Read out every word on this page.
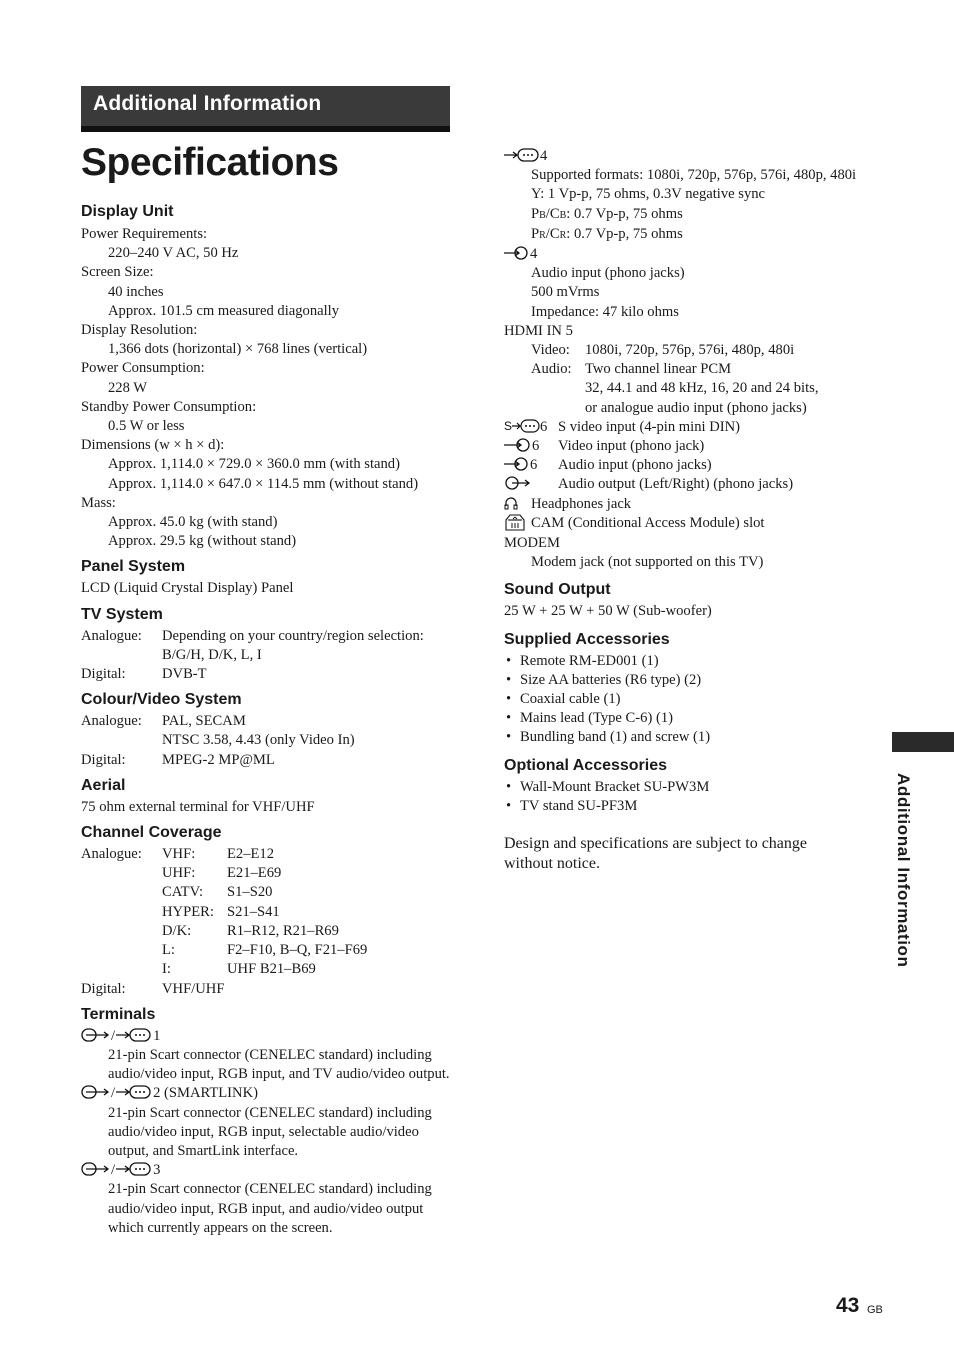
Additional Information
Specifications

Display Unit

Power Requirements:

220–240 V AC, 50 Hz

Screen Size:

40 inches

Approx. 101.5 cm measured diagonally

Display Resolution:

1,366 dots (horizontal) × 768 lines (vertical)

Power Consumption:

228 W

Standby Power Consumption:

0.5 W or less

Dimensions (w × h × d):

Approx. 1,114.0 × 729.0 × 360.0 mm (with stand)

Approx. 1,114.0 × 647.0 × 114.5 mm (without stand)

Mass:

Approx. 45.0 kg (with stand)

Approx. 29.5 kg (without stand)

Panel System

LCD (Liquid Crystal Display) Panel

TV System

Analogue:	Depending on your country/region selection:
B/G/H, D/K, L, I
Digital:	DVB-T

Colour/Video System

Analogue:	PAL, SECAM
NTSC 3.58, 4.43 (only Video In)
Digital:	MPEG-2 MP@ML

Aerial

75 ohm external terminal for VHF/UHF

Channel Coverage

Analogue:	VHF:	E2–E12
UHF:	E21–E69
CATV:	S1–S20
HYPER: S21–S41
D/K:	R1–R12, R21–R69
L:	F2–F10, B–Q, F21–F69
I:	UHF B21–B69
Digital:	VHF/UHF

Terminals

/	1

21-pin Scart connector (CENELEC standard) including audio/video input, RGB input, and TV audio/video output.

/	2 (SMARTLINK)

21-pin Scart connector (CENELEC standard) including audio/video input, RGB input, selectable audio/video output, and SmartLink interface.

/	3

21-pin Scart connector (CENELEC standard) including audio/video input, RGB input, and audio/video output which currently appears on the screen.

4

Supported formats: 1080i, 720p, 576p, 576i, 480p, 480i

Y: 1 Vp-p, 75 ohms, 0.3V negative sync

PB/CB: 0.7 Vp-p, 75 ohms

PR/CR: 0.7 Vp-p, 75 ohms

4

Audio input (phono jacks)

500 mVrms

Impedance: 47 kilo ohms

HDMI IN 5

Video:	1080i, 720p, 576p, 576i, 480p, 480i
Audio: Two channel linear PCM

32, 44.1 and 48 kHz, 16, 20 and 24 bits,

or analogue audio input (phono jacks)

S 6 S video input (4-pin mini DIN)
6	Video input (phono jack)
6	Audio input (phono jacks)
Audio output (Left/Right) (phono jacks)
Headphones jack
CAM (Conditional Access Module) slot

MODEM

Modem jack (not supported on this TV)

Sound Output

25 W + 25 W + 50 W (Sub-woofer)

Supplied Accessories

• Remote RM-ED001 (1)

• Size AA batteries (R6 type) (2)

• Coaxial cable (1)

• Mains lead (Type C-6) (1)

• Bundling band (1) and screw (1)

Optional Accessories

• Wall-Mount Bracket SU-PW3M

• TV stand SU-PF3M

Design and specifications are subject to change without notice.	Additional Information
43 GB
